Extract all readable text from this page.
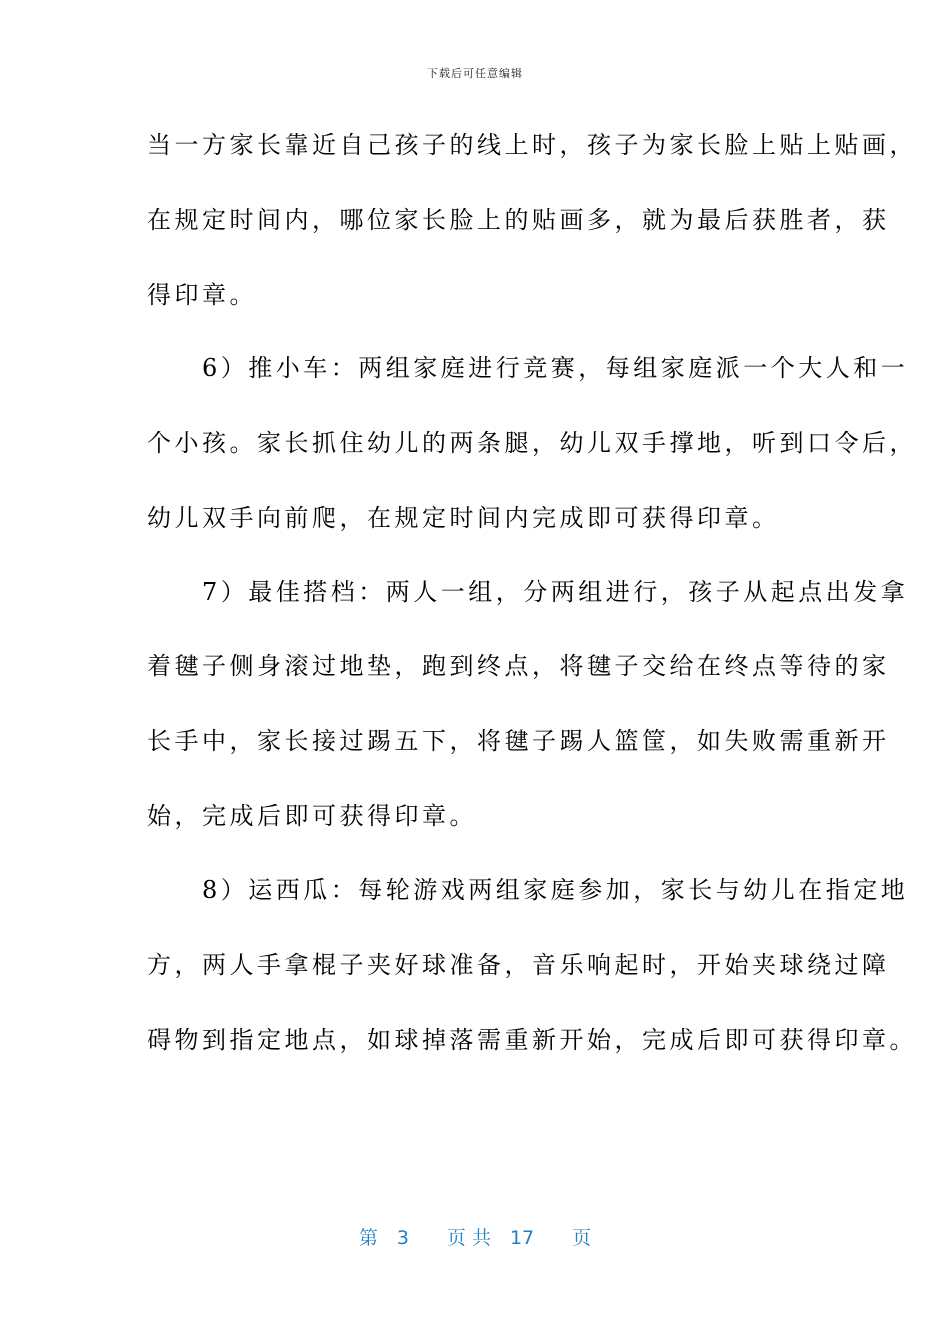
下载后可任意编辑
当一方家长靠近自己孩子的线上时，孩子为家长脸上贴上贴画，
在规定时间内，哪位家长脸上的贴画多，就为最后获胜者，获
得印章。
　　6）推小车：两组家庭进行竞赛，每组家庭派一个大人和一
个小孩。家长抓住幼儿的两条腿，幼儿双手撑地，听到口令后，
幼儿双手向前爬，在规定时间内完成即可获得印章。
　　7）最佳搭档：两人一组，分两组进行，孩子从起点出发拿
着毽子侧身滚过地垫，跑到终点，将毽子交给在终点等待的家
长手中，家长接过踢五下，将毽子踢人篮筐，如失败需重新开
始，完成后即可获得印章。
　　8）运西瓜：每轮游戏两组家庭参加，家长与幼儿在指定地
方，两人手拿棍子夹好球准备，音乐响起时，开始夹球绕过障
碍物到指定地点，如球掉落需重新开始，完成后即可获得印章。
第　3　　页 共　17　　页
